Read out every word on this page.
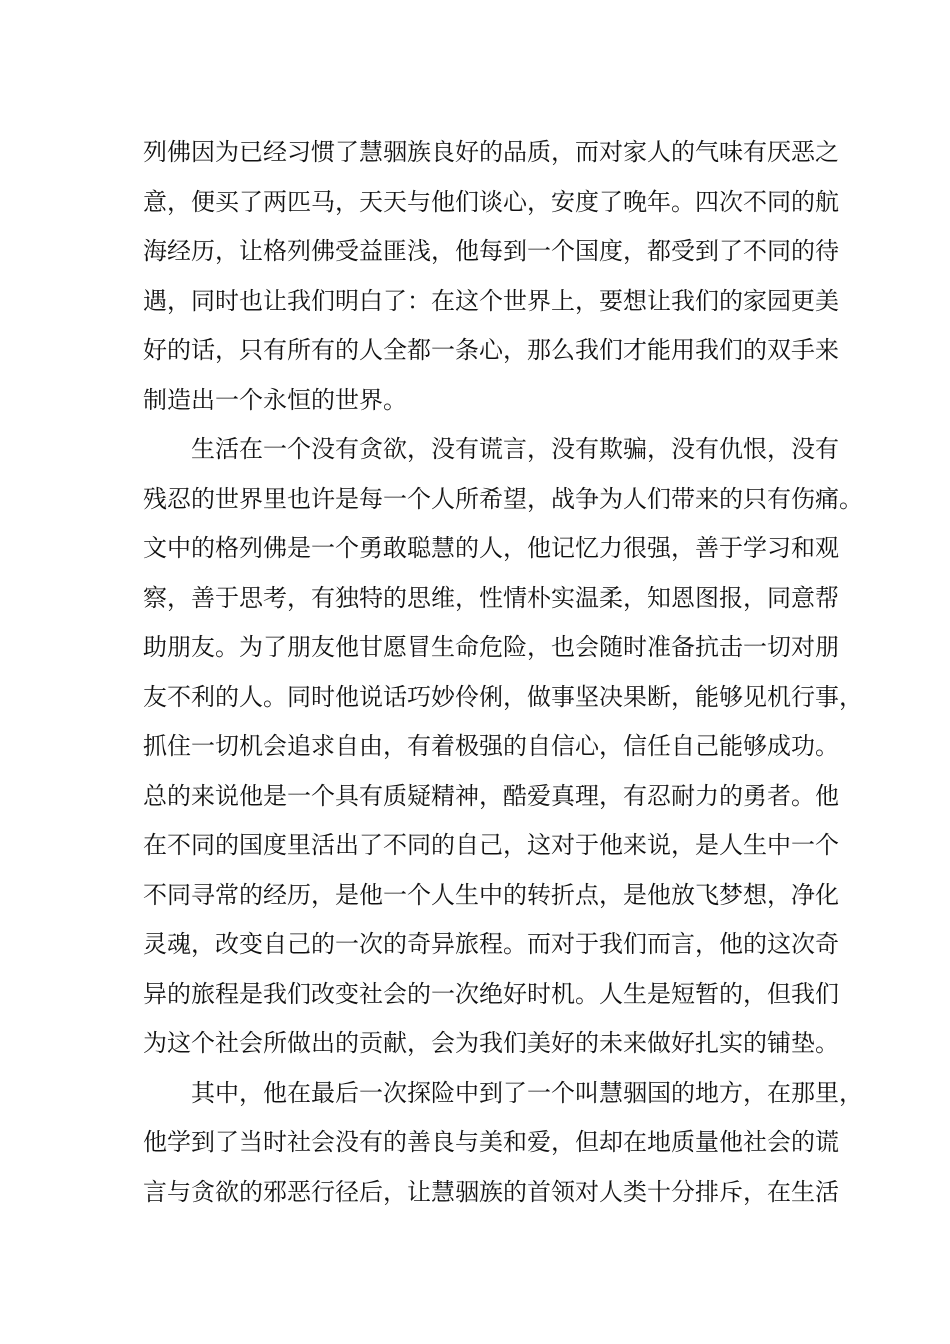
列佛因为已经习惯了慧骃族良好的品质，而对家人的气味有厌恶之
意，便买了两匹马，天天与他们谈心，安度了晚年。四次不同的航
海经历，让格列佛受益匪浅，他每到一个国度，都受到了不同的待
遇，同时也让我们明白了：在这个世界上，要想让我们的家园更美
好的话，只有所有的人全都一条心，那么我们才能用我们的双手来
制造出一个永恒的世界。
生活在一个没有贪欲，没有谎言，没有欺骗，没有仇恨，没有
残忍的世界里也许是每一个人所希望，战争为人们带来的只有伤痛。
文中的格列佛是一个勇敢聪慧的人，他记忆力很强，善于学习和观
察，善于思考，有独特的思维，性情朴实温柔，知恩图报，同意帮
助朋友。为了朋友他甘愿冒生命危险，也会随时准备抗击一切对朋
友不利的人。同时他说话巧妙伶俐，做事坚决果断，能够见机行事，
抓住一切机会追求自由，有着极强的自信心，信任自己能够成功。
总的来说他是一个具有质疑精神，酷爱真理，有忍耐力的勇者。他
在不同的国度里活出了不同的自己，这对于他来说，是人生中一个
不同寻常的经历，是他一个人生中的转折点，是他放飞梦想，净化
灵魂，改变自己的一次的奇异旅程。而对于我们而言，他的这次奇
异的旅程是我们改变社会的一次绝好时机。人生是短暂的，但我们
为这个社会所做出的贡献，会为我们美好的未来做好扎实的铺垫。
其中，他在最后一次探险中到了一个叫慧骃国的地方，在那里，
他学到了当时社会没有的善良与美和爱，但却在地质量他社会的谎
言与贪欲的邪恶行径后，让慧骃族的首领对人类十分排斥，在生活
